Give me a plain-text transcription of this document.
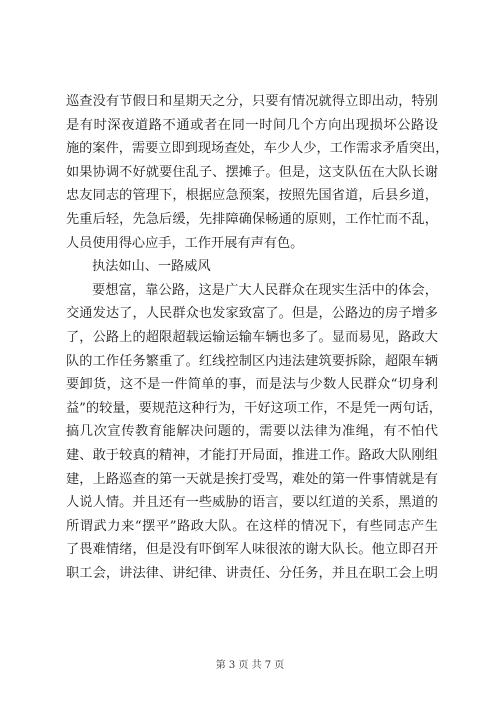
巡查没有节假日和星期天之分，只要有情况就得立即出动，特别
是有时深夜道路不通或者在同一时间几个方向出现损坏公路设
施的案件，需要立即到现场查处，车少人少，工作需求矛盾突出，
如果协调不好就要住乱子、摆摊子。但是，这支队伍在大队长谢
忠友同志的管理下，根据应急预案，按照先国省道，后县乡道，
先重后轻，先急后缓，先排障确保畅通的原则，工作忙而不乱，
人员使用得心应手，工作开展有声有色。
执法如山、一路威风
要想富，靠公路，这是广大人民群众在现实生活中的体会，
交通发达了，人民群众也发家致富了。但是，公路边的房子增多
了，公路上的超限超载运输运输车辆也多了。显而易见，路政大
队的工作任务繁重了。红线控制区内违法建筑要拆除，超限车辆
要卸货，这不是一件简单的事，而是法与少数人民群众“切身利
益”的较量，要规范这种行为，干好这项工作，不是凭一两句话，
搞几次宣传教育能解决问题的，需要以法律为准绳，有不怕代
建、敢于较真的精神，才能打开局面，推进工作。路政大队刚组
建，上路巡查的第一天就是挨打受骂，难处的第一件事情就是有
人说人情。并且还有一些威胁的语言，要以红道的关系，黑道的
所谓武力来“摆平”路政大队。在这样的情况下，有些同志产生
了畏难情绪，但是没有吓倒军人味很浓的谢大队长。他立即召开
职工会，讲法律、讲纪律、讲责任、分任务，并且在职工会上明
第 3 页 共 7 页
